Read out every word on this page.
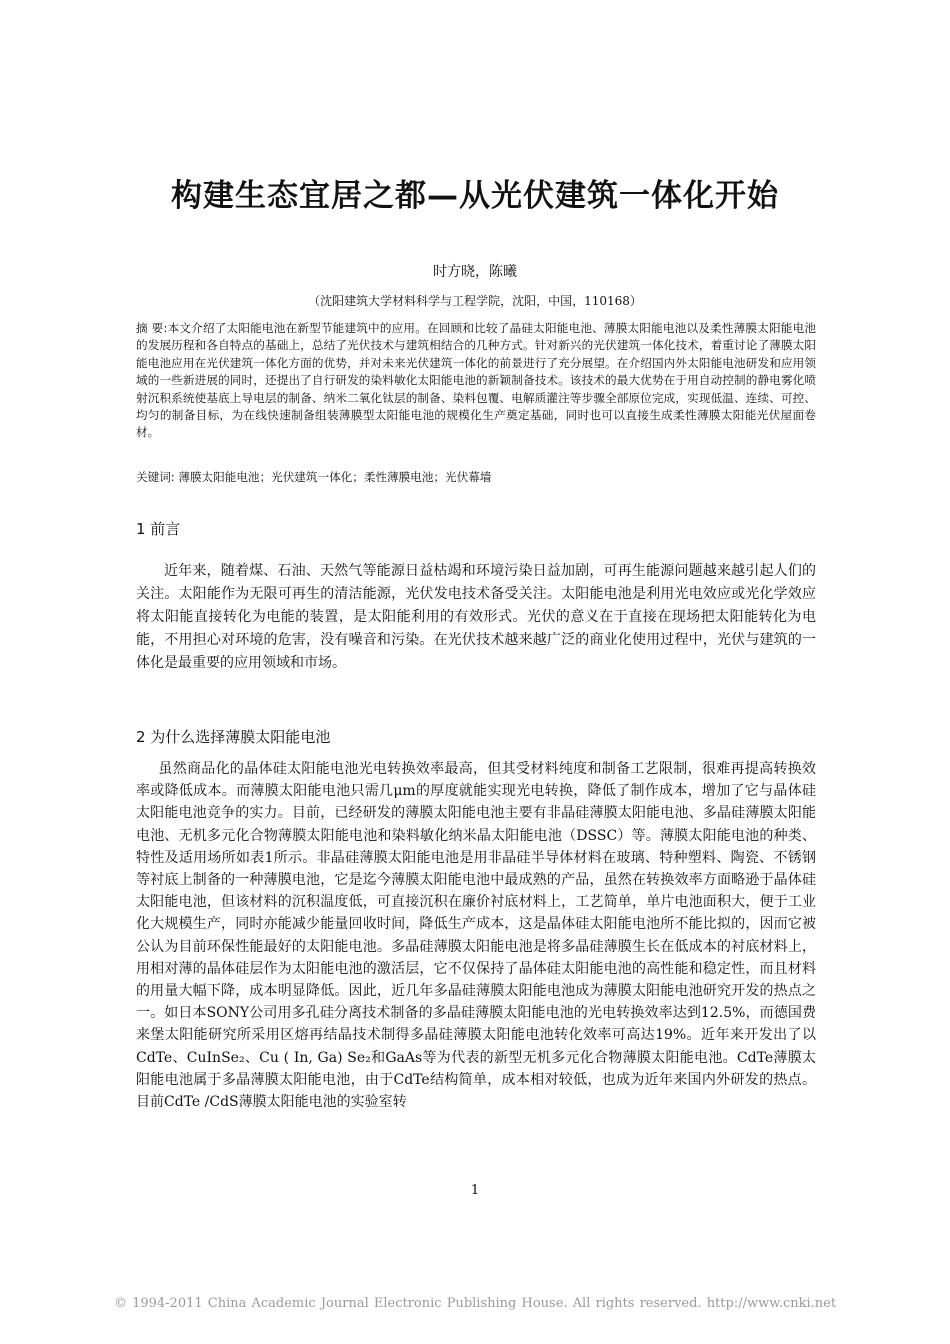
构建生态宜居之都—从光伏建筑一体化开始
时方晓，陈曦
（沈阳建筑大学材料科学与工程学院，沈阳，中国，110168）
摘 要:本文介绍了太阳能电池在新型节能建筑中的应用。在回顾和比较了晶硅太阳能电池、薄膜太阳能电池以及柔性薄膜太阳能电池的发展历程和各自特点的基础上，总结了光伏技术与建筑相结合的几种方式。针对新兴的光伏建筑一体化技术，着重讨论了薄膜太阳能电池应用在光伏建筑一体化方面的优势，并对未来光伏建筑一体化的前景进行了充分展望。在介绍国内外太阳能电池研发和应用领域的一些新进展的同时，还提出了自行研发的染料敏化太阳能电池的新颖制备技术。该技术的最大优势在于用自动控制的静电雾化喷射沉积系统使基底上导电层的制备、纳米二氧化钛层的制备、染料包覆、电解质灌注等步骤全部原位完成，实现低温、连续、可控、均匀的制备目标，为在线快速制备组装薄膜型太阳能电池的规模化生产奠定基础，同时也可以直接生成柔性薄膜太阳能光伏屋面卷材。
关键词: 薄膜太阳能电池；光伏建筑一体化；柔性薄膜电池；光伏幕墙
1 前言
近年来，随着煤、石油、天然气等能源日益枯竭和环境污染日益加剧，可再生能源问题越来越引起人们的关注。太阳能作为无限可再生的清洁能源，光伏发电技术备受关注。太阳能电池是利用光电效应或光化学效应将太阳能直接转化为电能的装置，是太阳能利用的有效形式。光伏的意义在于直接在现场把太阳能转化为电能，不用担心对环境的危害，没有噪音和污染。在光伏技术越来越广泛的商业化使用过程中，光伏与建筑的一体化是最重要的应用领域和市场。
2 为什么选择薄膜太阳能电池
虽然商品化的晶体硅太阳能电池光电转换效率最高，但其受材料纯度和制备工艺限制，很难再提高转换效率或降低成本。而薄膜太阳能电池只需几μm的厚度就能实现光电转换，降低了制作成本，增加了它与晶体硅太阳能电池竞争的实力。目前，已经研发的薄膜太阳能电池主要有非晶硅薄膜太阳能电池、多晶硅薄膜太阳能电池、无机多元化合物薄膜太阳能电池和染料敏化纳米晶太阳能电池（DSSC）等。薄膜太阳能电池的种类、特性及适用场所如表1所示。非晶硅薄膜太阳能电池是用非晶硅半导体材料在玻璃、特种塑料、陶瓷、不锈钢等衬底上制备的一种薄膜电池，它是迄今薄膜太阳能电池中最成熟的产品，虽然在转换效率方面略逊于晶体硅太阳能电池，但该材料的沉积温度低，可直接沉积在廉价衬底材料上，工艺简单，单片电池面积大，便于工业化大规模生产，同时亦能减少能量回收时间，降低生产成本，这是晶体硅太阳能电池所不能比拟的，因而它被公认为目前环保性能最好的太阳能电池。多晶硅薄膜太阳能电池是将多晶硅薄膜生长在低成本的衬底材料上，用相对薄的晶体硅层作为太阳能电池的激活层，它不仅保持了晶体硅太阳能电池的高性能和稳定性，而且材料的用量大幅下降，成本明显降低。因此，近几年多晶硅薄膜太阳能电池成为薄膜太阳能电池研究开发的热点之一。如日本SONY公司用多孔硅分离技术制备的多晶硅薄膜太阳能电池的光电转换效率达到12.5%，而德国费来堡太阳能研究所采用区熔再结晶技术制得多晶硅薄膜太阳能电池转化效率可高达19%。近年来开发出了以CdTe、CuInSe₂、Cu ( In, Ga) Se₂和GaAs等为代表的新型无机多元化合物薄膜太阳能电池。CdTe薄膜太阳能电池属于多晶薄膜太阳能电池，由于CdTe结构简单，成本相对较低，也成为近年来国内外研发的热点。目前CdTe /CdS薄膜太阳能电池的实验室转
1
© 1994-2011 China Academic Journal Electronic Publishing House. All rights reserved. http://www.cnki.net
